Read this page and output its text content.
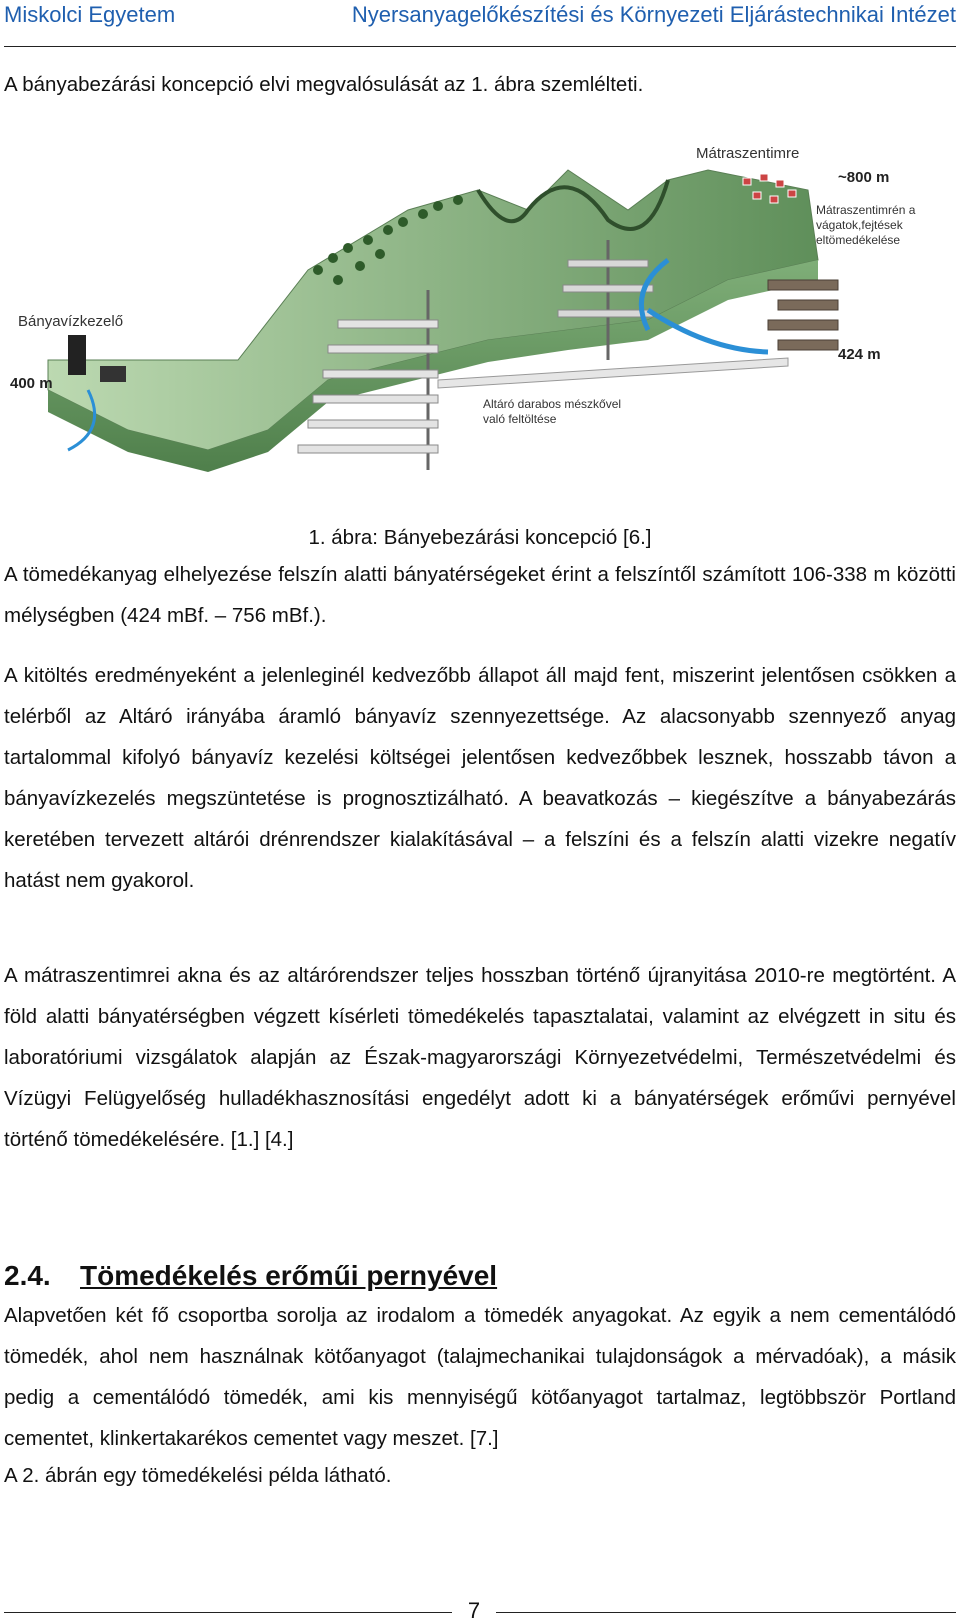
Miskolci Egyetem	Nyersanyagelőkészítési és Környezeti Eljárástechnikai Intézet

A bányabezárási koncepció elvi megvalósulását az 1. ábra szemlélteti.

Mátraszentimre
~800 m
Mátraszentimrén a
vágatok,fejtések
eltömedékelése
Bányavízkezelő
400 m
424 m
Altáró darabos mészkővel
való feltöltése
1. ábra: Bányebezárási koncepció [6.]

A tömedékanyag elhelyezése felszín alatti bányatérségeket érint a felszíntől számított 106-338 m közötti mélységben (424 mBf. – 756 mBf.).

A kitöltés eredményeként a jelenleginél kedvezőbb állapot áll majd fent, miszerint jelentősen csökken a telérből az Altáró irányába áramló bányavíz szennyezettsége. Az alacsonyabb szennyező anyag tartalommal kifolyó bányavíz kezelési költségei jelentősen kedvezőbbek lesznek, hosszabb távon a bányavízkezelés megszüntetése is prognosztizálható. A beavatkozás – kiegészítve a bányabezárás keretében tervezett altárói drénrendszer kialakításával – a felszíni és a felszín alatti vizekre negatív hatást nem gyakorol.

A mátraszentimrei akna és az altárórendszer teljes hosszban történő újranyitása 2010-re megtörtént. A föld alatti bányatérségben végzett kísérleti tömedékelés tapasztalatai, valamint az elvégzett in situ és laboratóriumi vizsgálatok alapján az Észak-magyarországi Környezetvédelmi, Természetvédelmi és Vízügyi Felügyelőség hulladékhasznosítási engedélyt adott ki a bányatérségek erőművi pernyével történő tömedékelésére. [1.] [4.]

2.4. Tömedékelés erőműi pernyével

Alapvetően két fő csoportba sorolja az irodalom a tömedék anyagokat. Az egyik a nem cementálódó tömedék, ahol nem használnak kötőanyagot (talajmechanikai tulajdonságok a mérvadóak), a másik pedig a cementálódó tömedék, ami kis mennyiségű kötőanyagot tartalmaz, legtöbbször Portland cementet, klinkertakarékos cementet vagy meszet. [7.]

A 2. ábrán egy tömedékelési példa látható.

7
